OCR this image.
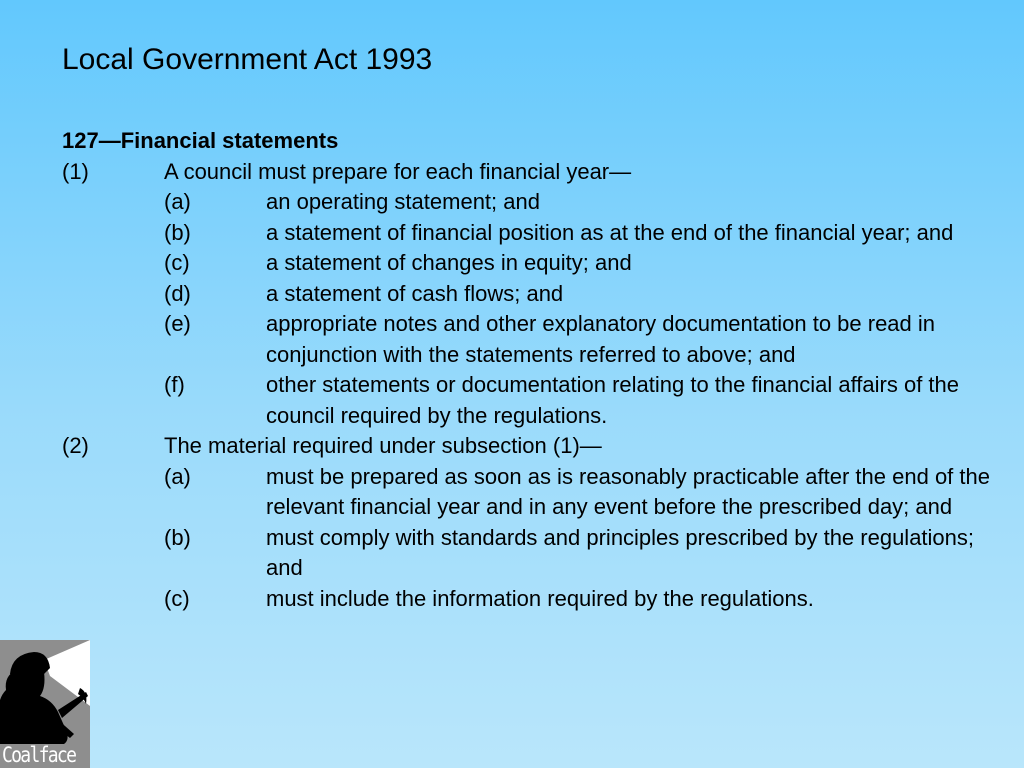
Local Government Act 1993
127—Financial statements
(1)	A council must prepare for each financial year—
(a)	an operating statement; and
(b)	a statement of financial position as at the end of the financial year; and
(c)	a statement of changes in equity; and
(d)	a statement of cash flows; and
(e)	appropriate notes and other explanatory documentation to be read in conjunction with the statements referred to above; and
(f)	other statements or documentation relating to the financial affairs of the council required by the regulations.
(2)	The material required under subsection (1)—
(a)	must be prepared as soon as is reasonably practicable after the end of the relevant financial year and in any event before the prescribed day; and
(b)	must comply with standards and principles prescribed by the regulations; and
(c)	must include the information required by the regulations.
Coalface
